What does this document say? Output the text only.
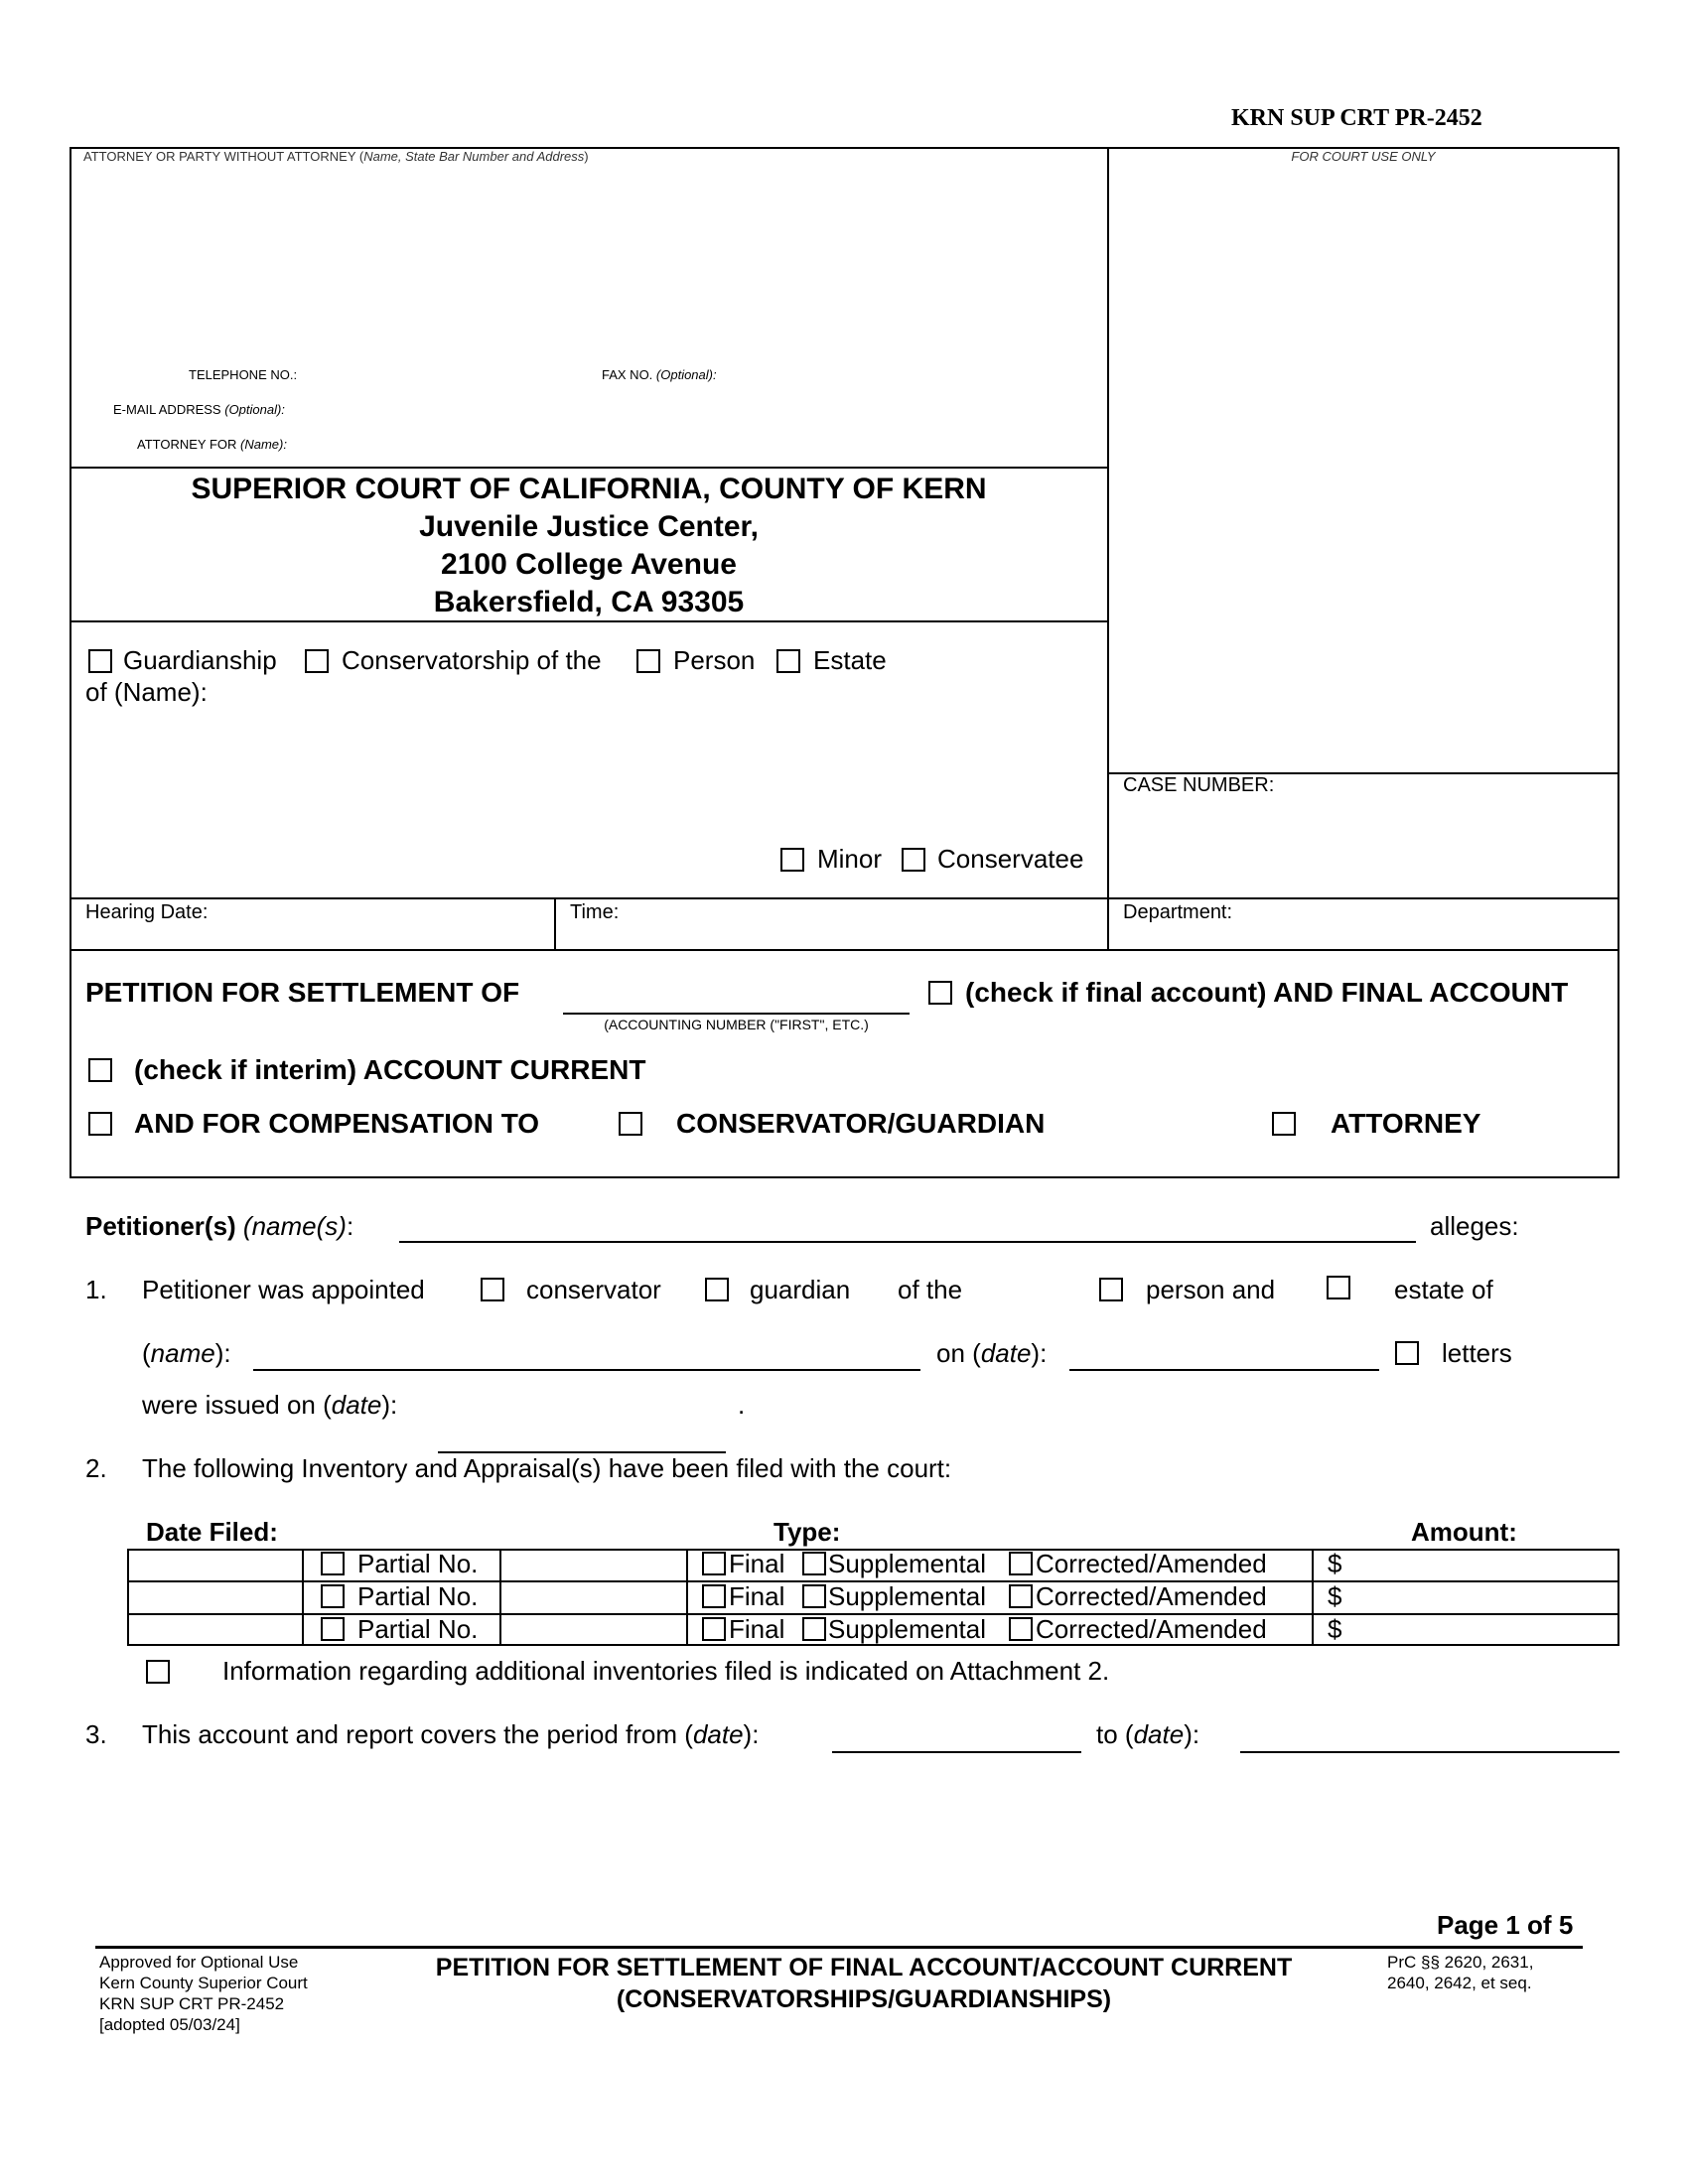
KRN SUP CRT PR-2452
ATTORNEY OR PARTY WITHOUT ATTORNEY (Name, State Bar Number and Address)	FOR COURT USE ONLY
TELEPHONE NO.:	FAX NO. (Optional):
E-MAIL ADDRESS (Optional):
ATTORNEY FOR (Name):
SUPERIOR COURT OF CALIFORNIA, COUNTY OF KERN
Juvenile Justice Center,
2100 College Avenue
Bakersfield, CA 93305
Guardianship	Conservatorship of the	Person Estate
of (Name):
Minor Conservatee
CASE NUMBER:
Hearing Date:	Time:	Department:
PETITION FOR SETTLEMENT OF
(ACCOUNTING NUMBER ("FIRST", ETC.)
(check if final account) AND FINAL ACCOUNT
(check if interim) ACCOUNT CURRENT
AND FOR COMPENSATION TO	CONSERVATOR/GUARDIAN	ATTORNEY
Petitioner(s) (name(s):	alleges:
1. Petitioner was appointed	conservator	guardian of the	person and	estate of
(name):	on (date):	letters
were issued on (date):	.
2. The following Inventory and Appraisal(s) have been filed with the court:
Date Filed:	Type:	Amount:
Partial No.	Final Supplemental Corrected/Amended $
Partial No.	Final Supplemental Corrected/Amended $
Partial No.	Final Supplemental Corrected/Amended $
Information regarding additional inventories filed is indicated on Attachment 2.
3. This account and report covers the period from (date):	to (date):
Page 1 of 5
Approved for Optional Use
Kern County Superior Court
KRN SUP CRT PR-2452
[adopted 05/03/24]
PETITION FOR SETTLEMENT OF FINAL ACCOUNT/ACCOUNT CURRENT
(CONSERVATORSHIPS/GUARDIANSHIPS)
PrC §§ 2620, 2631,
2640, 2642, et seq.
